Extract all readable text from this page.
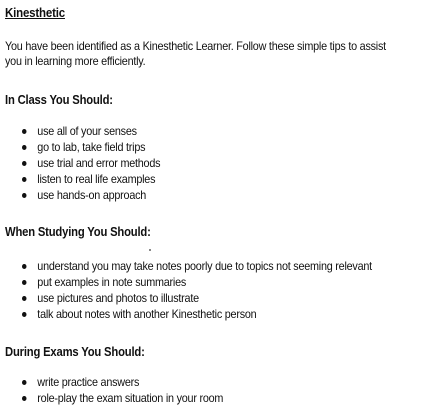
Kinesthetic
You have been identified as a Kinesthetic Learner. Follow these simple tips to assist you in learning more efficiently.
In Class You Should:
use all of your senses
go to lab, take field trips
use trial and error methods
listen to real life examples
use hands-on approach
When Studying You Should:
understand you may take notes poorly due to topics not seeming relevant
put examples in note summaries
use pictures and photos to illustrate
talk about notes with another Kinesthetic person
During Exams You Should:
write practice answers
role-play the exam situation in your room
